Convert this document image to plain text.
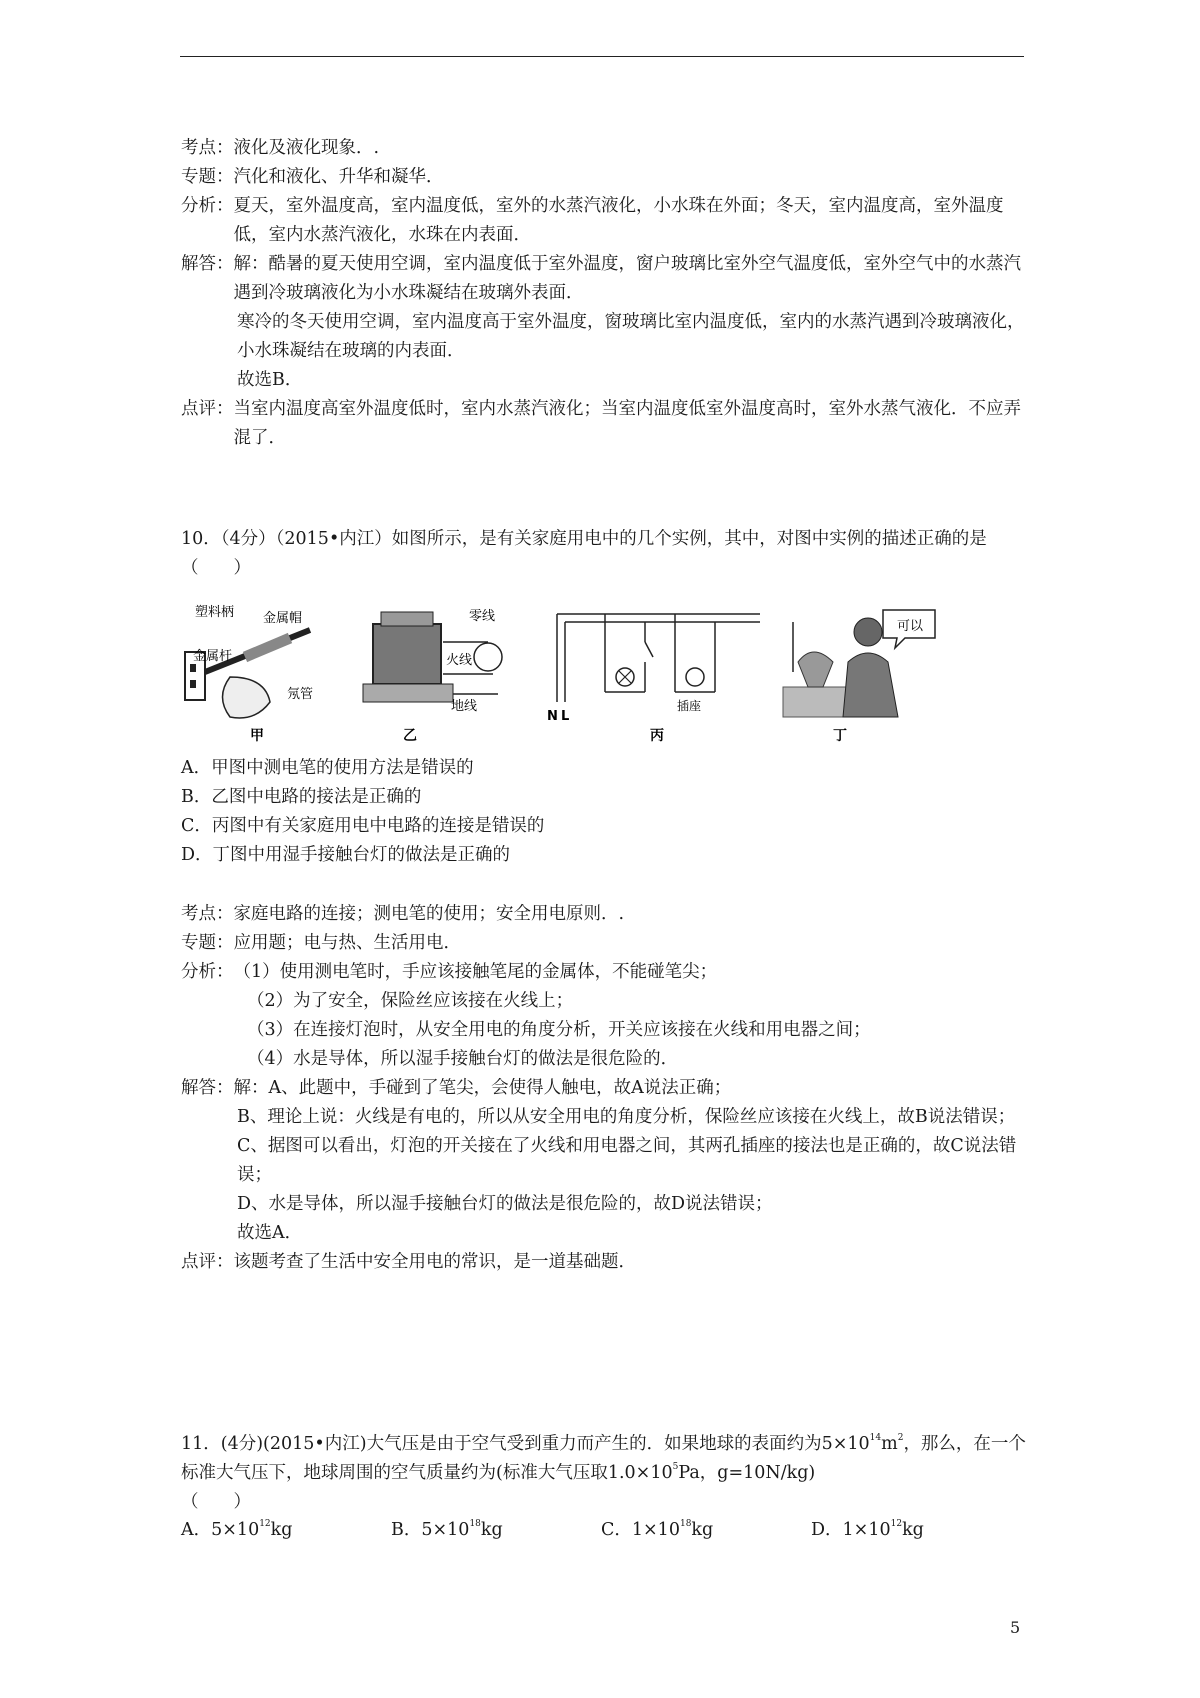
考点： 液化及液化现象．.
专题： 汽化和液化、升华和凝华．
分析： 夏天，室外温度高，室内温度低，室外的水蒸汽液化，小水珠在外面；冬天，室内温度高，室外温度低，室内水蒸汽液化，水珠在内表面．
解答： 解：酷暑的夏天使用空调，室内温度低于室外温度，窗户玻璃比室外空气温度低，室外空气中的水蒸汽遇到冷玻璃液化为小水珠凝结在玻璃外表面．
寒冷的冬天使用空调，室内温度高于室外温度，窗玻璃比室内温度低，室内的水蒸汽遇到冷玻璃液化，小水珠凝结在玻璃的内表面．
故选B．
点评： 当室内温度高室外温度低时，室内水蒸汽液化；当室内温度低室外温度高时，室外水蒸气液化．不应弄混了．
10．（4分）（2015•内江）如图所示，是有关家庭用电中的几个实例，其中，对图中实例的描述正确的是（　　）
塑料柄 金属帽
金属杆
氖管
甲
零线
火线
地线
乙
N L
插座
丙
可以
丁
A．甲图中测电笔的使用方法是错误的
B．乙图中电路的接法是正确的
C．丙图中有关家庭用电中电路的连接是错误的
D．丁图中用湿手接触台灯的做法是正确的
考点： 家庭电路的连接；测电笔的使用；安全用电原则．.
专题： 应用题；电与热、生活用电．
分析： （1）使用测电笔时，手应该接触笔尾的金属体，不能碰笔尖；
（2）为了安全，保险丝应该接在火线上；
（3）在连接灯泡时，从安全用电的角度分析，开关应该接在火线和用电器之间；
（4）水是导体，所以湿手接触台灯的做法是很危险的．
解答： 解：A、此题中，手碰到了笔尖，会使得人触电，故A说法正确；
B、理论上说：火线是有电的，所以从安全用电的角度分析，保险丝应该接在火线上，故B说法错误；
C、据图可以看出，灯泡的开关接在了火线和用电器之间，其两孔插座的接法也是正确的，故C说法错误；
D、水是导体，所以湿手接触台灯的做法是很危险的，故D说法错误；
故选A．
点评： 该题考查了生活中安全用电的常识，是一道基础题．
11．(4分)(2015•内江)大气压是由于空气受到重力而产生的．如果地球的表面约为$5\times 10^{14}m^2$，那么，在一个标准大气压下，地球周围的空气质量约为(标准大气压取$1.0\times 10^5Pa$，g=10N/kg)
（　　）
A．$5\times 10^{12}kg$	B．$5\times 10^{18}kg$	C．$1\times 10^{18}kg$	D．$1\times 10^{12}kg$
5
